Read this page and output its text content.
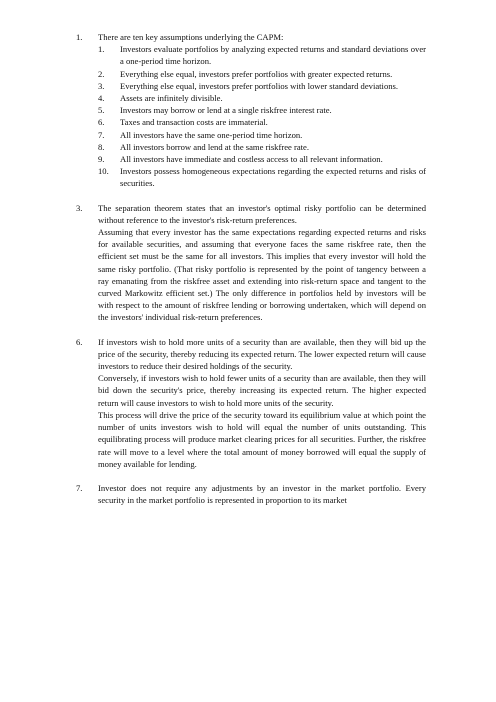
1. There are ten key assumptions underlying the CAPM:

1. Investors evaluate portfolios by analyzing expected returns and standard deviations over a one-period time horizon.
2. Everything else equal, investors prefer portfolios with greater expected returns.
3. Everything else equal, investors prefer portfolios with lower standard deviations.
4. Assets are infinitely divisible.
5. Investors may borrow or lend at a single riskfree interest rate.
6. Taxes and transaction costs are immaterial.
7. All investors have the same one-period time horizon.
8. All investors borrow and lend at the same riskfree rate.
9. All investors have immediate and costless access to all relevant information.
10. Investors possess homogeneous expectations regarding the expected returns and risks of securities.
3. The separation theorem states that an investor's optimal risky portfolio can be determined without reference to the investor's risk-return preferences.

Assuming that every investor has the same expectations regarding expected returns and risks for available securities, and assuming that everyone faces the same riskfree rate, then the efficient set must be the same for all investors. This implies that every investor will hold the same risky portfolio. (That risky portfolio is represented by the point of tangency between a ray emanating from the riskfree asset and extending into risk-return space and tangent to the curved Markowitz efficient set.) The only difference in portfolios held by investors will be with respect to the amount of riskfree lending or borrowing undertaken, which will depend on the investors' individual risk-return preferences.

6. If investors wish to hold more units of a security than are available, then they will bid up the price of the security, thereby reducing its expected return. The lower expected return will cause investors to reduce their desired holdings of the security.

Conversely, if investors wish to hold fewer units of a security than are available, then they will bid down the security's price, thereby increasing its expected return. The higher expected return will cause investors to wish to hold more units of the security.

This process will drive the price of the security toward its equilibrium value at which point the number of units investors wish to hold will equal the number of units outstanding. This equilibrating process will produce market clearing prices for all securities. Further, the riskfree rate will move to a level where the total amount of money borrowed will equal the supply of money available for lending.

7. Investor does not require any adjustments by an investor in the market portfolio. Every security in the market portfolio is represented in proportion to its market
